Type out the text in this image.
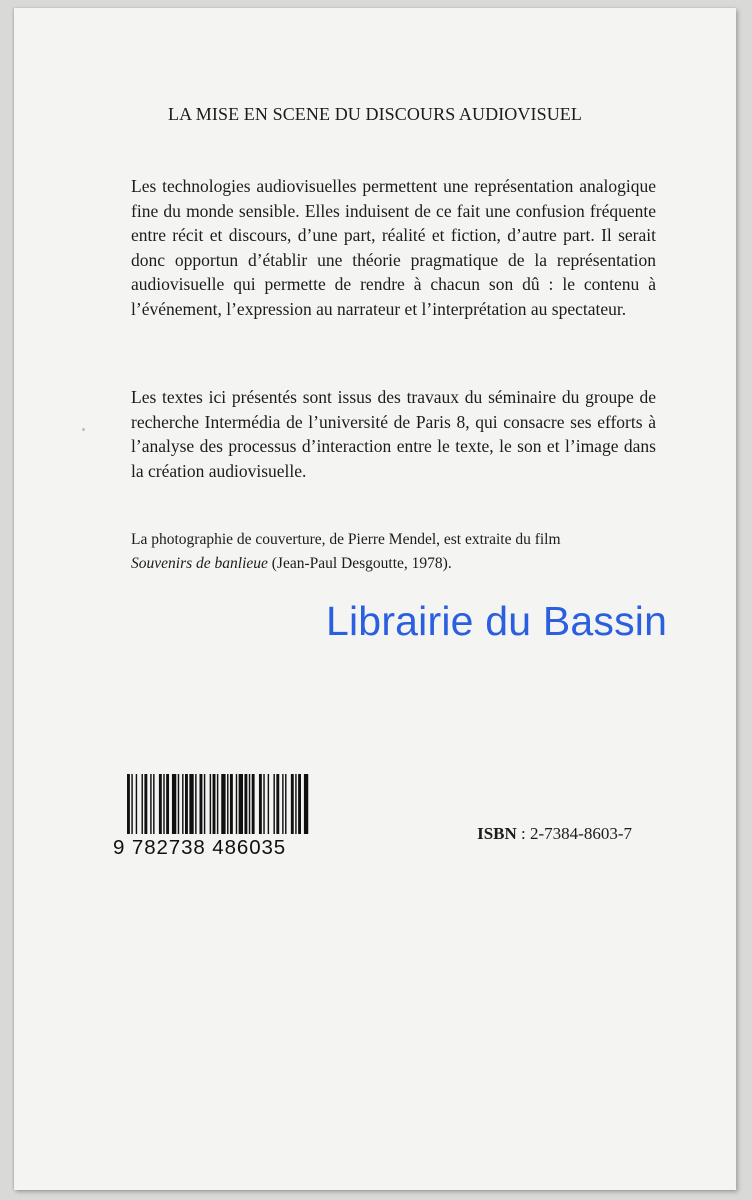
LA MISE EN SCENE DU DISCOURS AUDIOVISUEL
Les technologies audiovisuelles permettent une représentation analogique fine du monde sensible. Elles induisent de ce fait une confusion fréquente entre récit et discours, d’une part, réalité et fiction, d’autre part. Il serait donc opportun d’établir une théorie pragmatique de la représentation audiovisuelle qui permette de rendre à chacun son dû : le contenu à l’événement, l’expression au narrateur et l’interprétation au spectateur.
Les textes ici présentés sont issus des travaux du séminaire du groupe de recherche Intermédia de l’université de Paris 8, qui consacre ses efforts à l’analyse des processus d’interaction entre le texte, le son et l’image dans la création audiovisuelle.
La photographie de couverture, de Pierre Mendel, est extraite du film
Souvenirs de banlieue (Jean-Paul Desgoutte, 1978).
9 782738 486035
ISBN : 2-7384-8603-7
Librairie du Bassin
